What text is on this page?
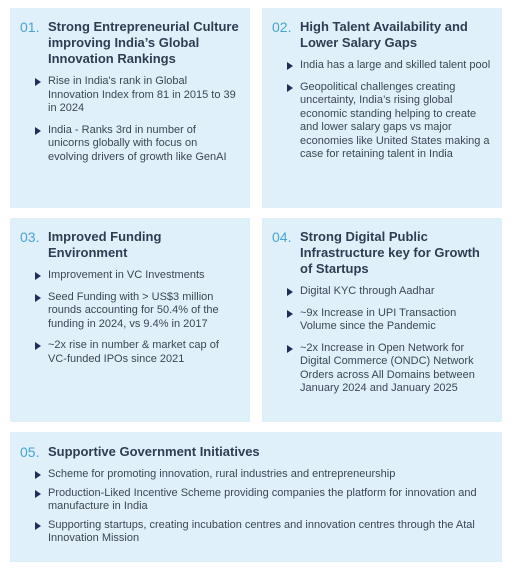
01. Strong Entrepreneurial Culture improving India’s Global Innovation Rankings
Rise in India's rank in Global Innovation Index from 81 in 2015 to 39 in 2024
India - Ranks 3rd in number of unicorns globally with focus on evolving drivers of growth like GenAI
02. High Talent Availability and Lower Salary Gaps
India has a large and skilled talent pool
Geopolitical challenges creating uncertainty, India’s rising global economic standing helping to create and lower salary gaps vs major economies like United States making a case for retaining talent in India
03. Improved Funding Environment
Improvement in VC Investments
Seed Funding with > US$3 million rounds accounting for 50.4% of the funding in 2024, vs 9.4% in 2017
~2x rise in number & market cap of VC-funded IPOs since 2021
04. Strong Digital Public Infrastructure key for Growth of Startups
Digital KYC through Aadhar
~9x Increase in UPI Transaction Volume since the Pandemic
~2x Increase in Open Network for Digital Commerce (ONDC) Network Orders across All Domains between January 2024 and January 2025
05. Supportive Government Initiatives
Scheme for promoting innovation, rural industries and entrepreneurship
Production-Liked Incentive Scheme providing companies the platform for innovation and manufacture in India
Supporting startups, creating incubation centres and innovation centres through the Atal Innovation Mission
